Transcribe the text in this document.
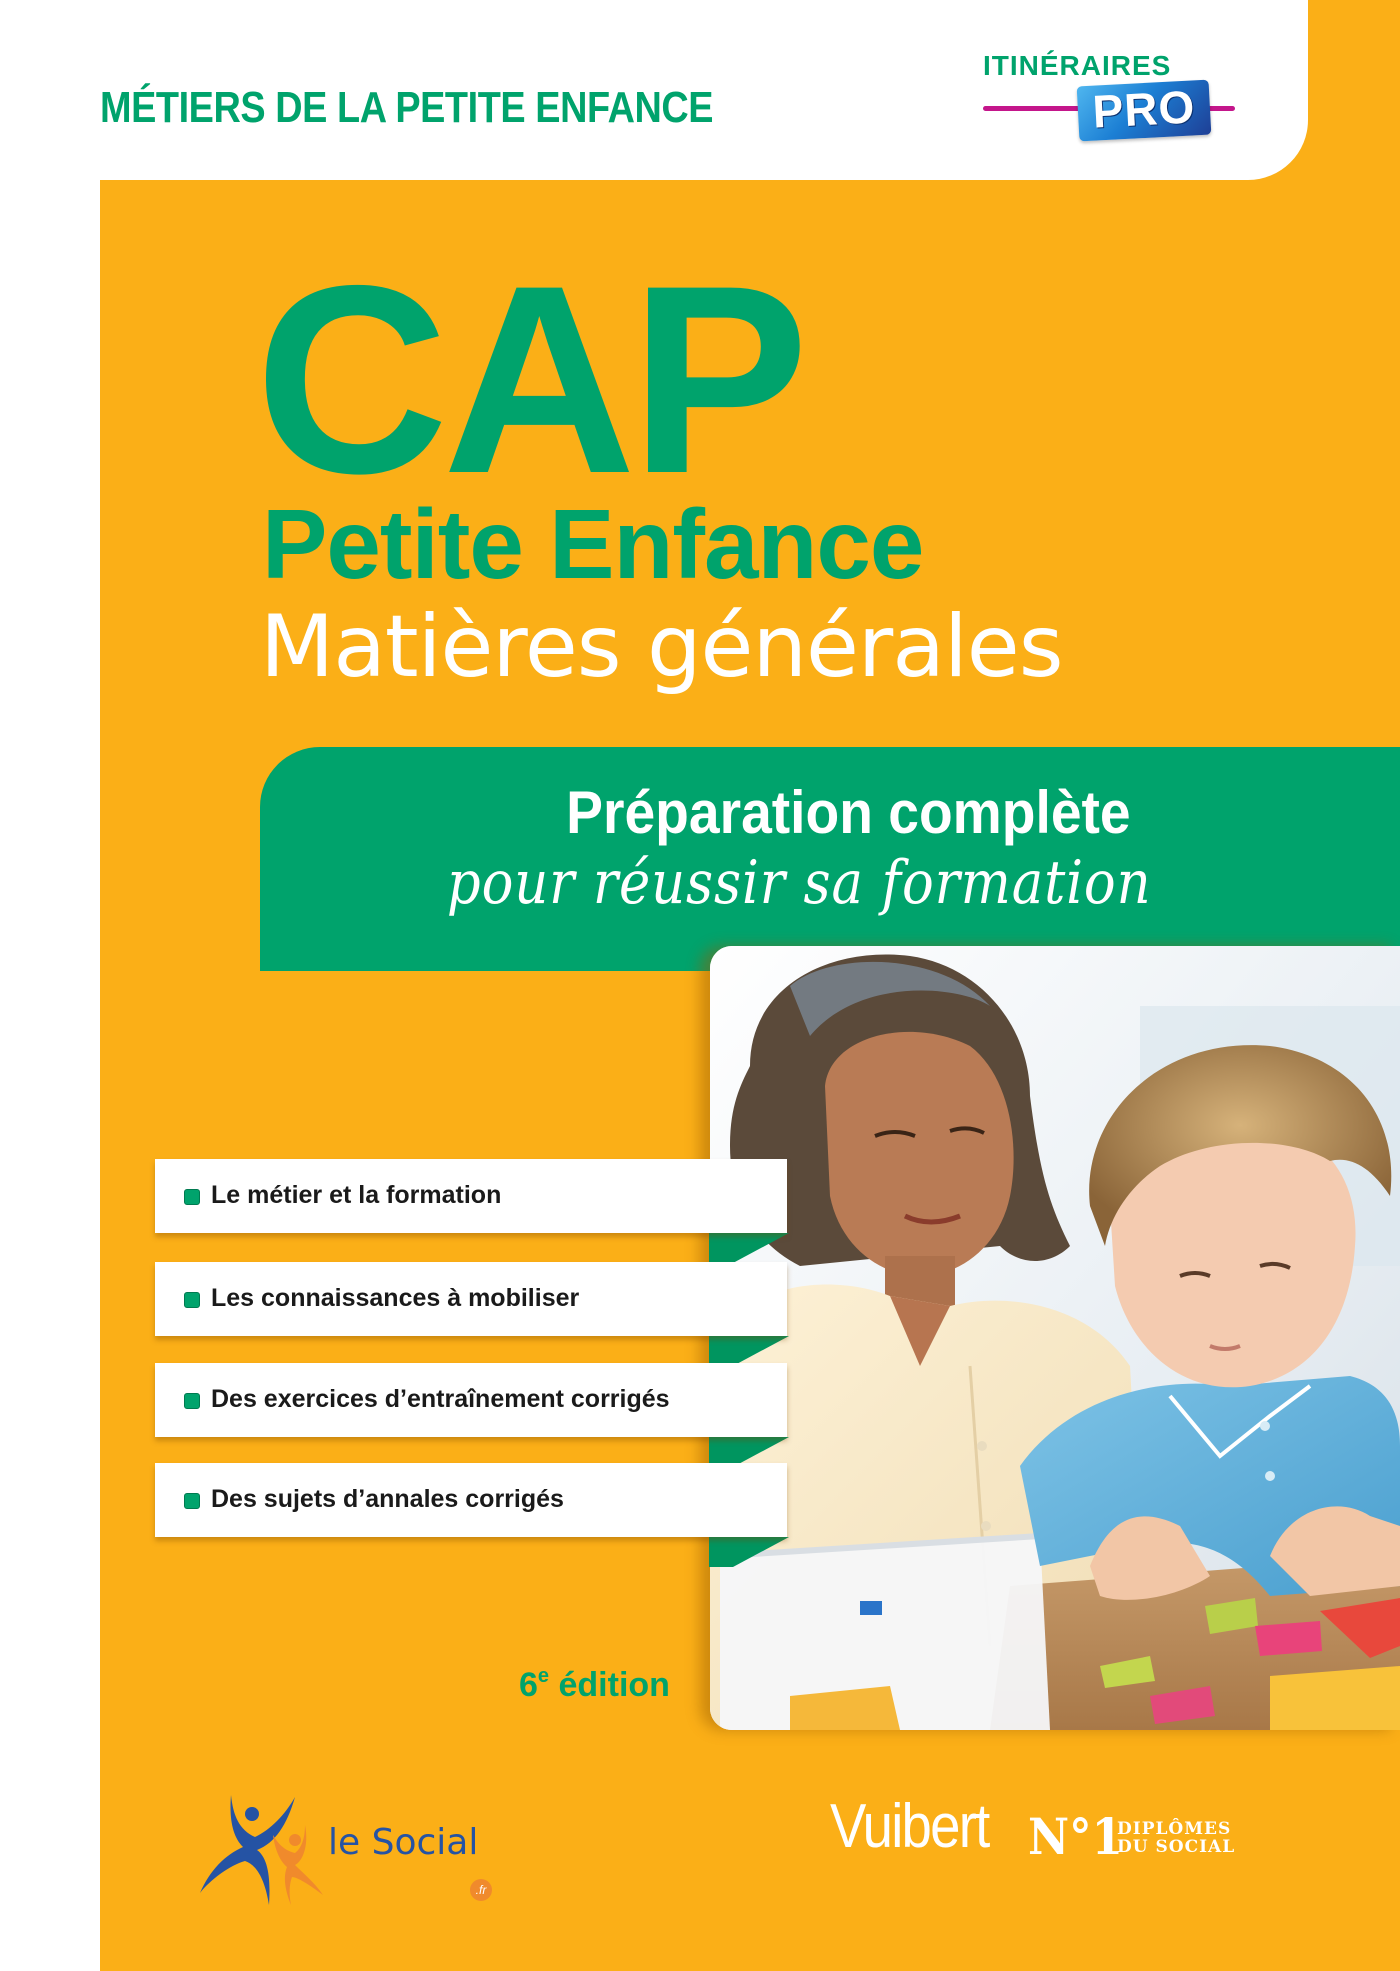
MÉTIERS DE LA PETITE ENFANCE
ITINÉRAIRES
PRO
CAP
Petite Enfance
Matières générales
Préparation complète
pour réussir sa formation
Le métier et la formation
Les connaissances à mobiliser
Des exercices d’entraînement corrigés
Des sujets d’annales corrigés
6e édition
le Social
.fr
Vuibert N°1
DIPLÔMES
DU SOCIAL
